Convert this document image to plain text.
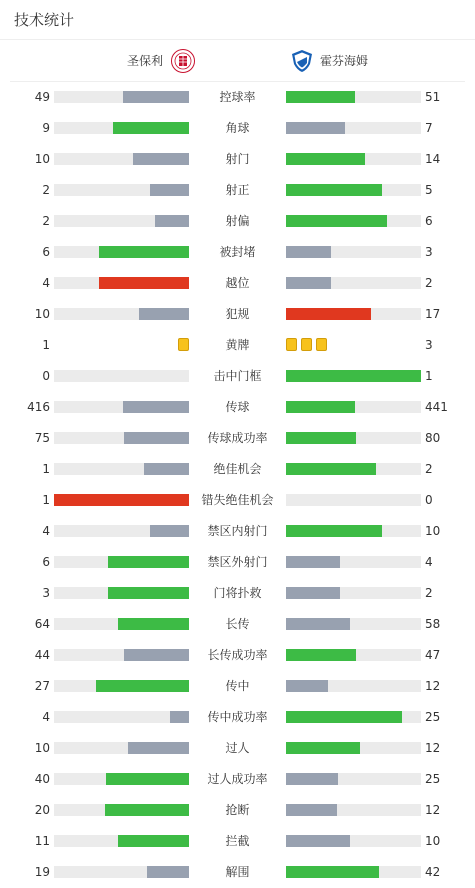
技术统计
圣保利	霍芬海姆
49	控球率	51
9	角球	7
10	射门	14
2	射正	5
2	射偏	6
6	被封堵	3
4	越位	2
10	犯规	17
1	黄牌	3
0	击中门框	1
416	传球	441
75	传球成功率	80
1	绝佳机会	2
1	错失绝佳机会	0
4	禁区内射门	10
6	禁区外射门	4
3	门将扑救	2
64	长传	58
44	长传成功率	47
27	传中	12
4	传中成功率	25
10	过人	12
40	过人成功率	25
20	抢断	12
11	拦截	10
19	解围	42
